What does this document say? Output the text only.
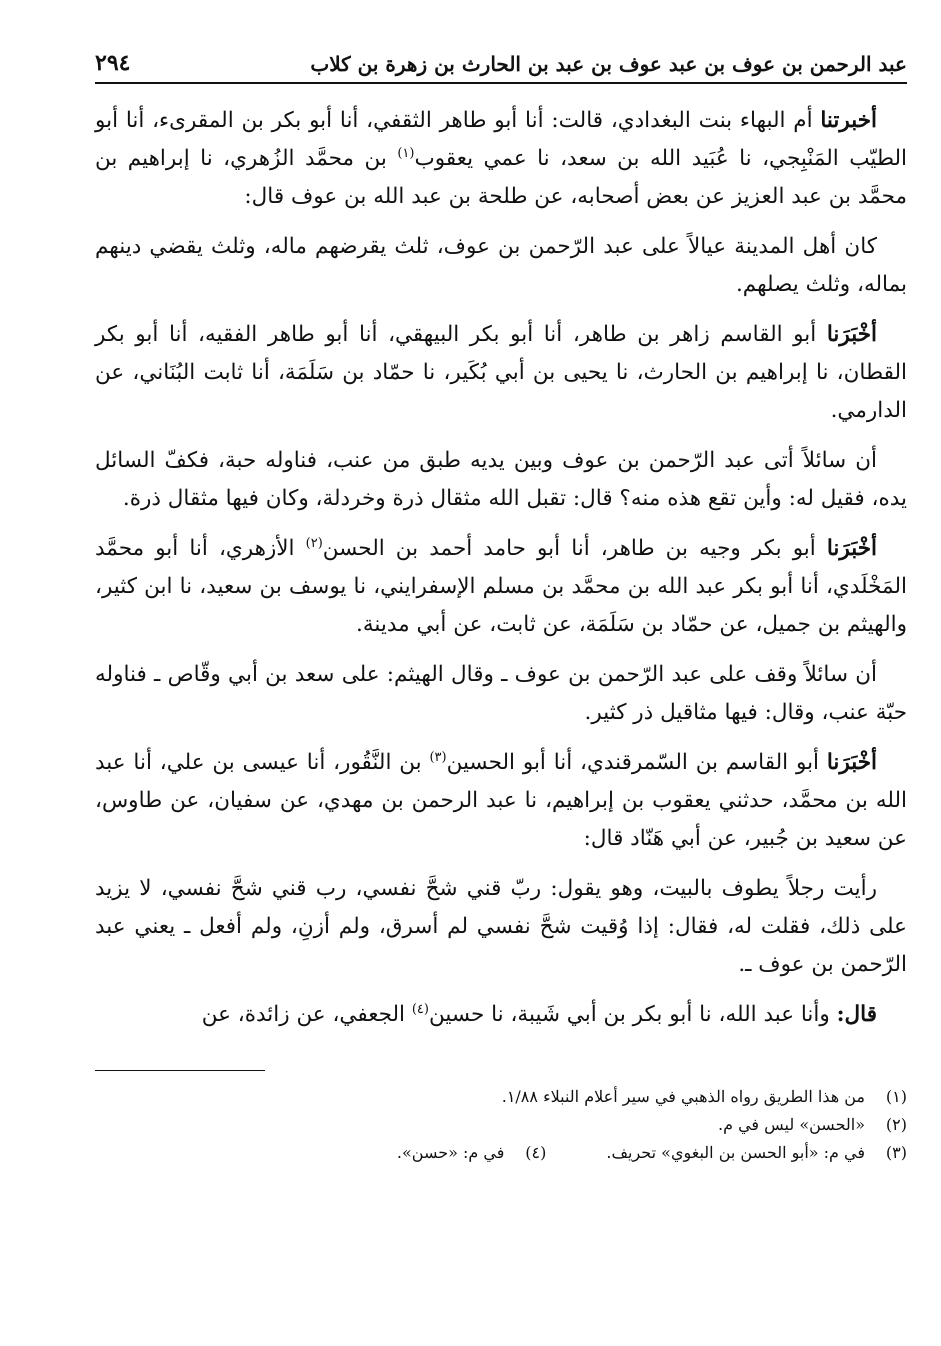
عبد الرحمن بن عوف بن عبد عوف بن عبد بن الحارث بن زهرة بن كلاب
٢٩٤

أخبرتنا أم البهاء بنت البغدادي، قالت: أنا أبو طاهر الثقفي، أنا أبو بكر بن المقرىء، أنا أبو الطيّب المَنْبِجي، نا عُبَيد الله بن سعد، نا عمي يعقوب$^{(١)}$ بن محمَّد الزُهري، نا إبراهيم بن محمَّد بن عبد العزيز عن بعض أصحابه، عن طلحة بن عبد الله بن عوف قال:

كان أهل المدينة عيالاً على عبد الرّحمن بن عوف، ثلث يقرضهم ماله، وثلث يقضي دينهم بماله، وثلث يصلهم.

أخْبَرَنا أبو القاسم زاهر بن طاهر، أنا أبو بكر البيهقي، أنا أبو طاهر الفقيه، أنا أبو بكر القطان، نا إبراهيم بن الحارث، نا يحيى بن أبي بُكَير، نا حمّاد بن سَلَمَة، أنا ثابت البُنَاني، عن الدارمي.

أن سائلاً أتى عبد الرّحمن بن عوف وبين يديه طبق من عنب، فناوله حبة، فكفّ السائل يده، فقيل له: وأين تقع هذه منه؟ قال: تقبل الله مثقال ذرة وخردلة، وكان فيها مثقال ذرة.

أخْبَرَنا أبو بكر وجيه بن طاهر، أنا أبو حامد أحمد بن الحسن$^{(٢)}$ الأزهري، أنا أبو محمَّد المَخْلَدي، أنا أبو بكر عبد الله بن محمَّد بن مسلم الإسفرايني، نا يوسف بن سعيد، نا ابن كثير، والهيثم بن جميل، عن حمّاد بن سَلَمَة، عن ثابت، عن أبي مدينة.

أن سائلاً وقف على عبد الرّحمن بن عوف ـ وقال الهيثم: على سعد بن أبي وقّاص ـ فناوله حبّة عنب، وقال: فيها مثاقيل ذر كثير.

أخْبَرَنا أبو القاسم بن السّمرقندي، أنا أبو الحسين$^{(٣)}$ بن النَّقُور، أنا عيسى بن علي، أنا عبد الله بن محمَّد، حدثني يعقوب بن إبراهيم، نا عبد الرحمن بن مهدي، عن سفيان، عن طاوس، عن سعيد بن جُبير، عن أبي هَنّاد قال:

رأيت رجلاً يطوف بالبيت، وهو يقول: ربّ قني شحَّ نفسي، رب قني شحَّ نفسي، لا يزيد على ذلك، فقلت له، فقال: إذا وُقيت شحَّ نفسي لم أسرق، ولم أزنِ، ولم أفعل ـ يعني عبد الرّحمن بن عوف ـ.

قال: وأنا عبد الله، نا أبو بكر بن أبي شَيبة، نا حسين$^{(٤)}$ الجعفي، عن زائدة، عن

(١)
من هذا الطريق رواه الذهبي في سير أعلام النبلاء ١/٨٨.
(٢)
«الحسن» ليس في م.
(٣)
في م: «أبو الحسن بن البغوي» تحريف.
(٤)
في م: «حسن».
